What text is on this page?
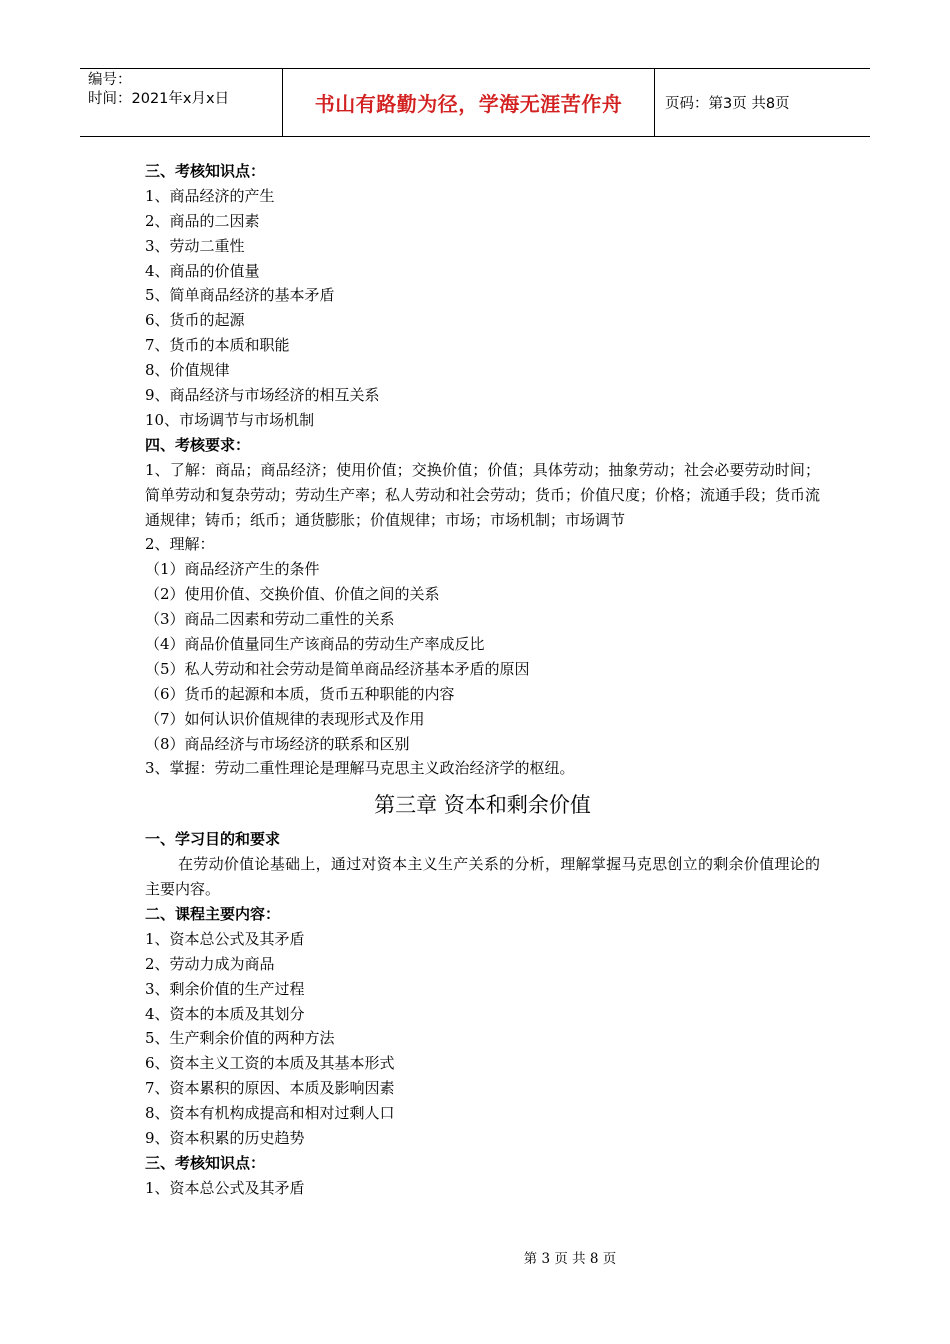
编号：
时间：2021年x月x日	书山有路勤为径，学海无涯苦作舟	页码：第3页 共8页
三、考核知识点：
1、商品经济的产生
2、商品的二因素
3、劳动二重性
4、商品的价值量
5、简单商品经济的基本矛盾
6、货币的起源
7、货币的本质和职能
8、价值规律
9、商品经济与市场经济的相互关系
10、市场调节与市场机制
四、考核要求：
1、了解：商品；商品经济；使用价值；交换价值；价值；具体劳动；抽象劳动；社会必要劳动时间；简单劳动和复杂劳动；劳动生产率；私人劳动和社会劳动；货币；价值尺度；价格；流通手段；货币流通规律；铸币；纸币；通货膨胀；价值规律；市场；市场机制；市场调节
2、理解：
（1）商品经济产生的条件
（2）使用价值、交换价值、价值之间的关系
（3）商品二因素和劳动二重性的关系
（4）商品价值量同生产该商品的劳动生产率成反比
（5）私人劳动和社会劳动是简单商品经济基本矛盾的原因
（6）货币的起源和本质，货币五种职能的内容
（7）如何认识价值规律的表现形式及作用
（8）商品经济与市场经济的联系和区别
3、掌握：劳动二重性理论是理解马克思主义政治经济学的枢纽。
第三章 资本和剩余价值
一、学习目的和要求
在劳动价值论基础上，通过对资本主义生产关系的分析，理解掌握马克思创立的剩余价值理论的主要内容。
二、课程主要内容：
1、资本总公式及其矛盾
2、劳动力成为商品
3、剩余价值的生产过程
4、资本的本质及其划分
5、生产剩余价值的两种方法
6、资本主义工资的本质及其基本形式
7、资本累积的原因、本质及影响因素
8、资本有机构成提高和相对过剩人口
9、资本积累的历史趋势
三、考核知识点：
1、资本总公式及其矛盾
第 3 页 共 8 页
